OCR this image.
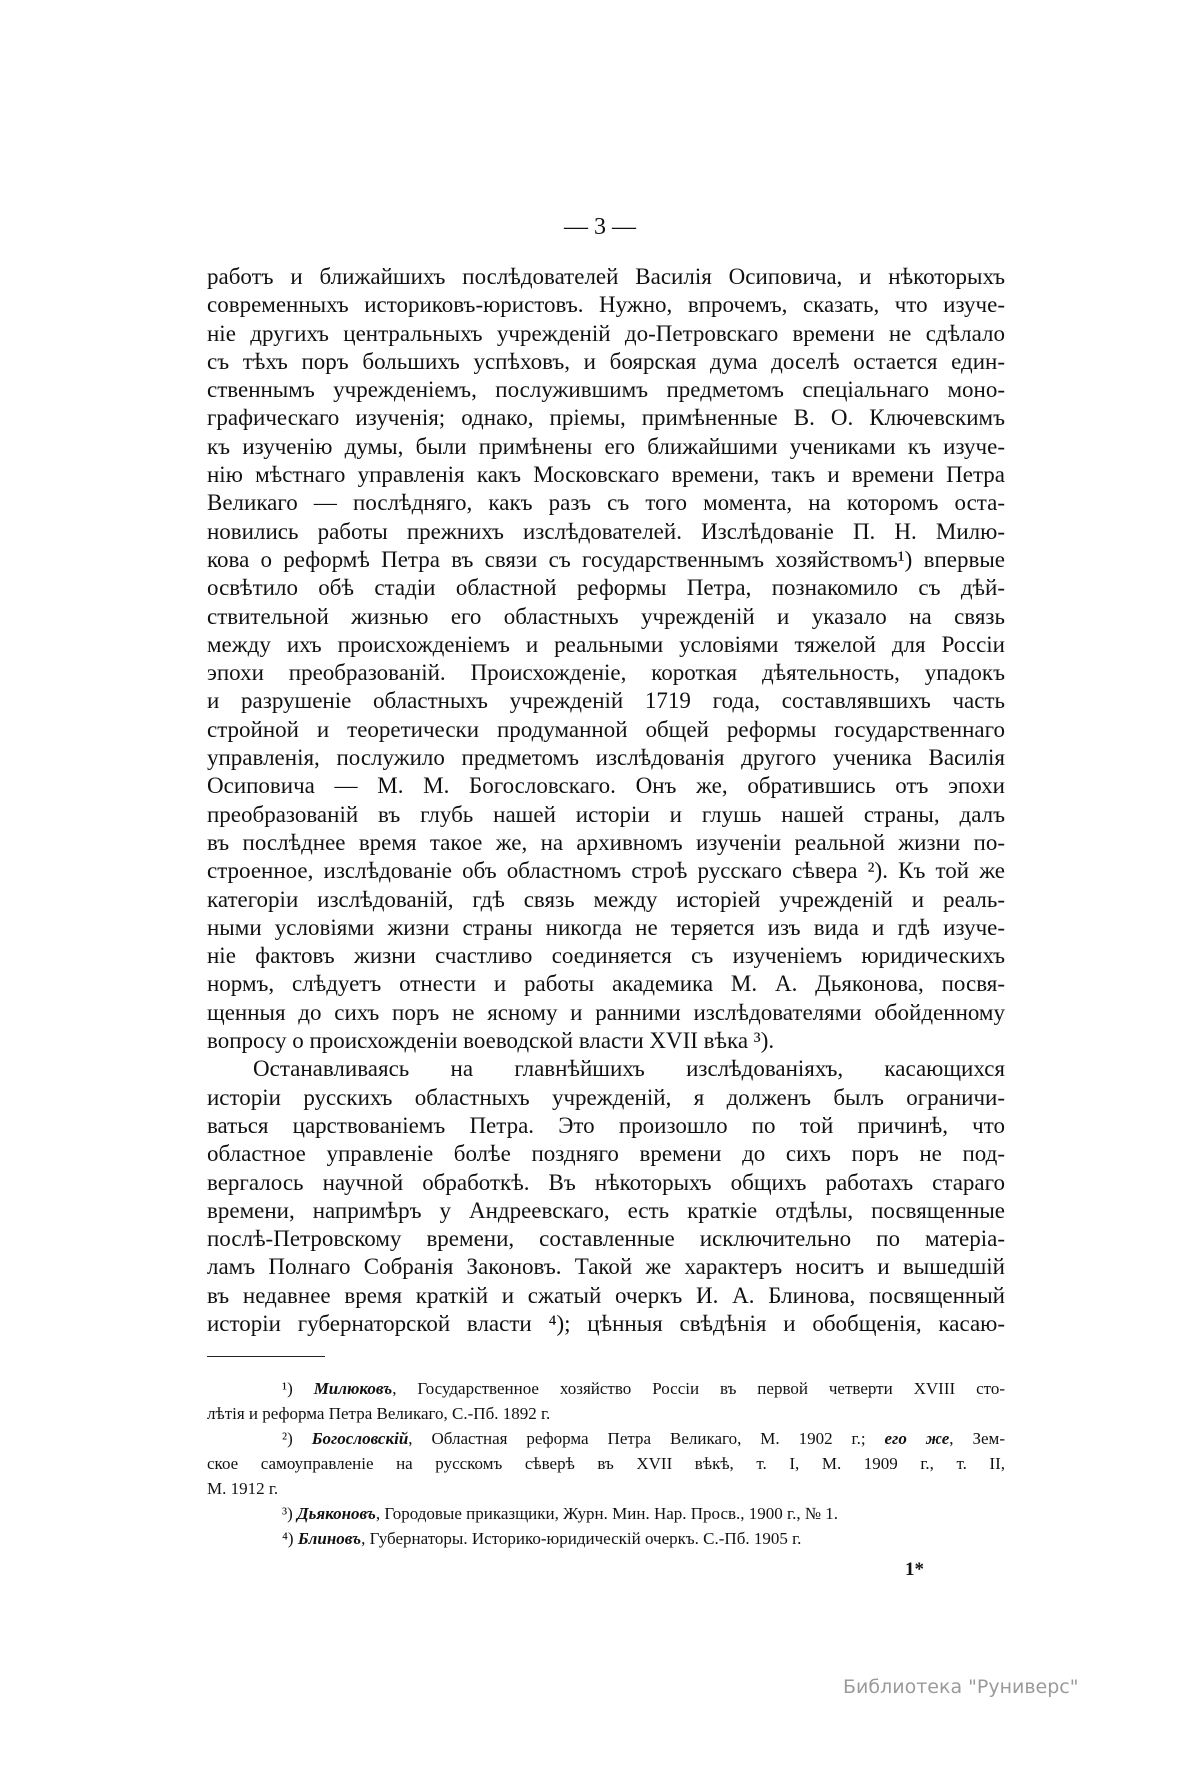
— 3 —
работъ и ближайшихъ послѣдователей Василія Осиповича, и нѣкоторыхъ
современныхъ историковъ-юристовъ. Нужно, впрочемъ, сказать, что изуче-
ніе другихъ центральныхъ учрежденій до-Петровскаго времени не сдѣлало
съ тѣхъ поръ большихъ успѣховъ, и боярская дума доселѣ остается един-
ственнымъ учрежденіемъ, послужившимъ предметомъ спеціальнаго моно-
графическаго изученія; однако, пріемы, примѣненные В. О. Ключевскимъ
къ изученію думы, были примѣнены его ближайшими учениками къ изуче-
нію мѣстнаго управленія какъ Московскаго времени, такъ и времени Петра
Великаго — послѣдняго, какъ разъ съ того момента, на которомъ оста-
новились работы прежнихъ изслѣдователей. Изслѣдованіе П. Н. Милю-
кова о реформѣ Петра въ связи съ государственнымъ хозяйствомъ¹) впервые
освѣтило обѣ стадіи областной реформы Петра, познакомило съ дѣй-
ствительной жизнью его областныхъ учрежденій и указало на связь
между ихъ происхожденіемъ и реальными условіями тяжелой для Россіи
эпохи преобразованій. Происхожденіе, короткая дѣятельность, упадокъ
и разрушеніе областныхъ учрежденій 1719 года, составлявшихъ часть
стройной и теоретически продуманной общей реформы государственнаго
управленія, послужило предметомъ изслѣдованія другого ученика Василія
Осиповича — М. М. Богословскаго. Онъ же, обратившись отъ эпохи
преобразованій въ глубь нашей исторіи и глушь нашей страны, далъ
въ послѣднее время такое же, на архивномъ изученіи реальной жизни по-
строенное, изслѣдованіе объ областномъ строѣ русскаго сѣвера ²). Къ той же
категоріи изслѣдованій, гдѣ связь между исторіей учрежденій и реаль-
ными условіями жизни страны никогда не теряется изъ вида и гдѣ изуче-
ніе фактовъ жизни счастливо соединяется съ изученіемъ юридическихъ
нормъ, слѣдуетъ отнести и работы академика М. А. Дьяконова, посвя-
щенныя до сихъ поръ не ясному и ранними изслѣдователями обойденному
вопросу о происхожденіи воеводской власти XVII вѣка ³).
Останавливаясь на главнѣйшихъ изслѣдованіяхъ, касающихся
исторіи русскихъ областныхъ учрежденій, я долженъ былъ ограничи-
ваться царствованіемъ Петра. Это произошло по той причинѣ, что
областное управленіе болѣе поздняго времени до сихъ поръ не под-
вергалось научной обработкѣ. Въ нѣкоторыхъ общихъ работахъ стараго
времени, напримѣръ у Андреевскаго, есть краткіе отдѣлы, посвященные
послѣ-Петровскому времени, составленные исключительно по матеріа-
ламъ Полнаго Собранія Законовъ. Такой же характеръ носитъ и вышедшій
въ недавнее время краткій и сжатый очеркъ И. А. Блинова, посвященный
исторіи губернаторской власти ⁴); цѣнныя свѣдѣнія и обобщенія, касаю-
¹) Милюковъ, Государственное хозяйство Россіи въ первой четверти XVIII сто-
лѣтія и реформа Петра Великаго, С.-Пб. 1892 г.
²) Богословскій, Областная реформа Петра Великаго, М. 1902 г.; его же, Зем-
ское самоуправленіе на русскомъ сѣверѣ въ XVII вѣкѣ, т. I, М. 1909 г., т. II,
М. 1912 г.
³) Дьяконовъ, Городовые приказщики, Журн. Мин. Нар. Просв., 1900 г., № 1.
⁴) Блиновъ, Губернаторы. Историко-юридическій очеркъ. С.-Пб. 1905 г.
1*
Библиотека "Руниверс"
